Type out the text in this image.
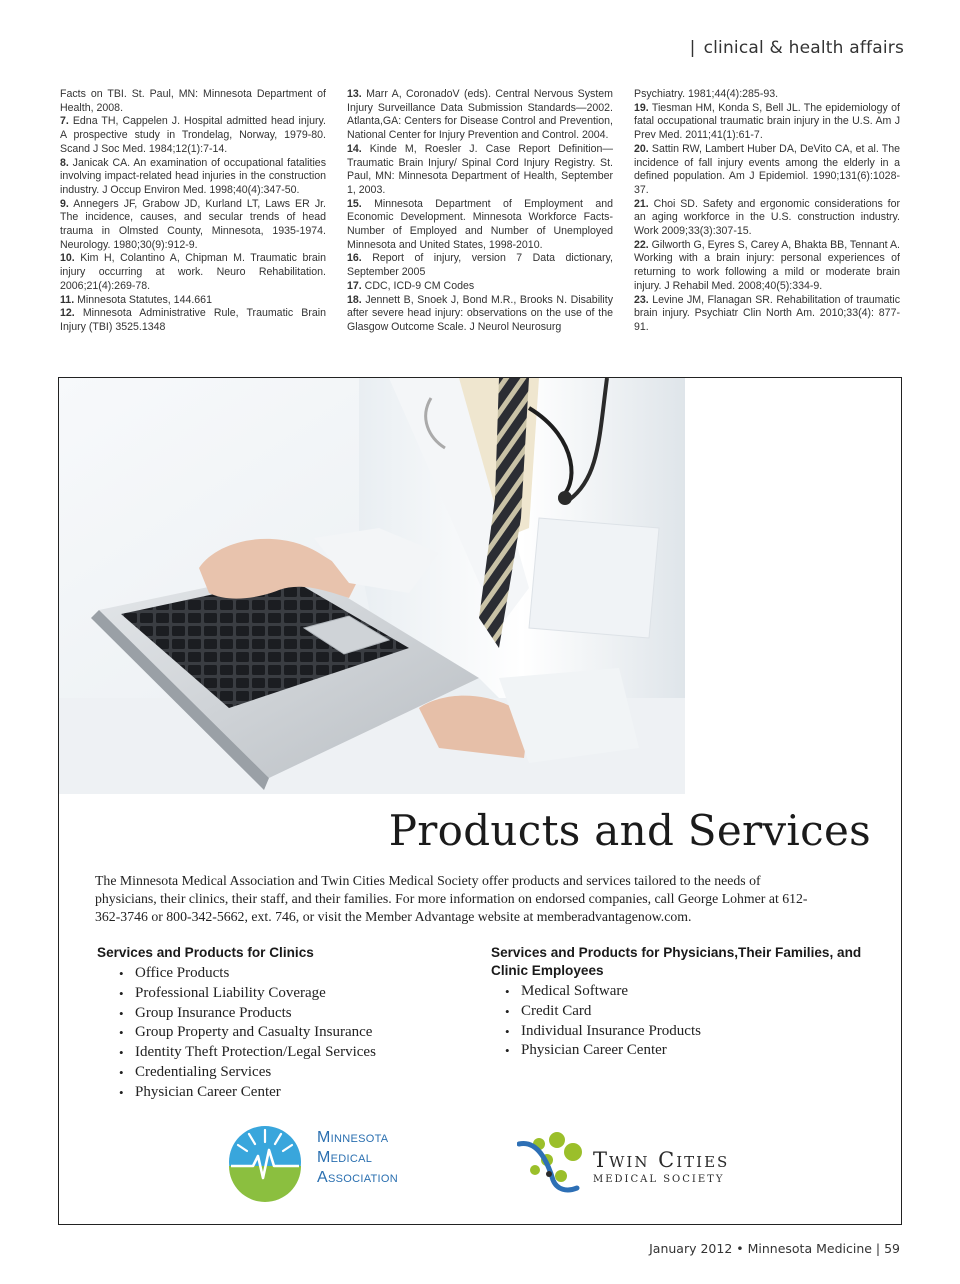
| clinical & health affairs
Facts on TBI. St. Paul, MN: Minnesota Department of Health, 2008.
7. Edna TH, Cappelen J. Hospital admitted head injury. A prospective study in Trondelag, Norway, 1979-80. Scand J Soc Med. 1984;12(1):7-14.
8. Janicak CA. An examination of occupational fatalities involving impact-related head injuries in the construction industry. J Occup Environ Med. 1998;40(4):347-50.
9. Annegers JF, Grabow JD, Kurland LT, Laws ER Jr. The incidence, causes, and secular trends of head trauma in Olmsted County, Minnesota, 1935-1974. Neurology. 1980;30(9):912-9.
10. Kim H, Colantino A, Chipman M. Traumatic brain injury occurring at work. Neuro Rehabilitation. 2006;21(4):269-78.
11. Minnesota Statutes, 144.661
12. Minnesota Administrative Rule, Traumatic Brain Injury (TBI) 3525.1348
13. Marr A, CoronadoV (eds). Central Nervous System Injury Surveillance Data Submission Standards—2002. Atlanta,GA: Centers for Disease Control and Prevention, National Center for Injury Prevention and Control. 2004.
14. Kinde M, Roesler J. Case Report Definition—Traumatic Brain Injury/ Spinal Cord Injury Registry. St. Paul, MN: Minnesota Department of Health, September 1, 2003.
15. Minnesota Department of Employment and Economic Development. Minnesota Workforce Facts-Number of Employed and Number of Unemployed Minnesota and United States, 1998-2010.
16. Report of injury, version 7 Data dictionary, September 2005
17. CDC, ICD-9 CM Codes
18. Jennett B, Snoek J, Bond M.R., Brooks N. Disability after severe head injury: observations on the use of the Glasgow Outcome Scale. J Neurol Neurosurg
Psychiatry. 1981;44(4):285-93.
19. Tiesman HM, Konda S, Bell JL. The epidemiology of fatal occupational traumatic brain injury in the U.S. Am J Prev Med. 2011;41(1):61-7.
20. Sattin RW, Lambert Huber DA, DeVito CA, et al. The incidence of fall injury events among the elderly in a defined population. Am J Epidemiol. 1990;131(6):1028-37.
21. Choi SD. Safety and ergonomic considerations for an aging workforce in the U.S. construction industry. Work 2009;33(3):307-15.
22. Gilworth G, Eyres S, Carey A, Bhakta BB, Tennant A. Working with a brain injury: personal experiences of returning to work following a mild or moderate brain injury. J Rehabil Med. 2008;40(5):334-9.
23. Levine JM, Flanagan SR. Rehabilitation of traumatic brain injury. Psychiatr Clin North Am. 2010;33(4): 877-91.
Products and Services
The Minnesota Medical Association and Twin Cities Medical Society offer products and services tailored to the needs of physicians, their clinics, their staff, and their families. For more information on endorsed companies, call George Lohmer at 612-362-3746 or 800-342-5662, ext. 746, or visit the Member Advantage website at memberadvantagenow.com.
Services and Products for Clinics
• Office Products
• Professional Liability Coverage
• Group Insurance Products
• Group Property and Casualty Insurance
• Identity Theft Protection/Legal Services
• Credentialing Services
• Physician Career Center
Services and Products for Physicians,Their Families, and Clinic Employees
• Medical Software
• Credit Card
• Individual Insurance Products
• Physician Career Center
Minnesota
Medical
Association
Twin Cities
MEDICAL SOCIETY
January 2012 • Minnesota Medicine | 59
